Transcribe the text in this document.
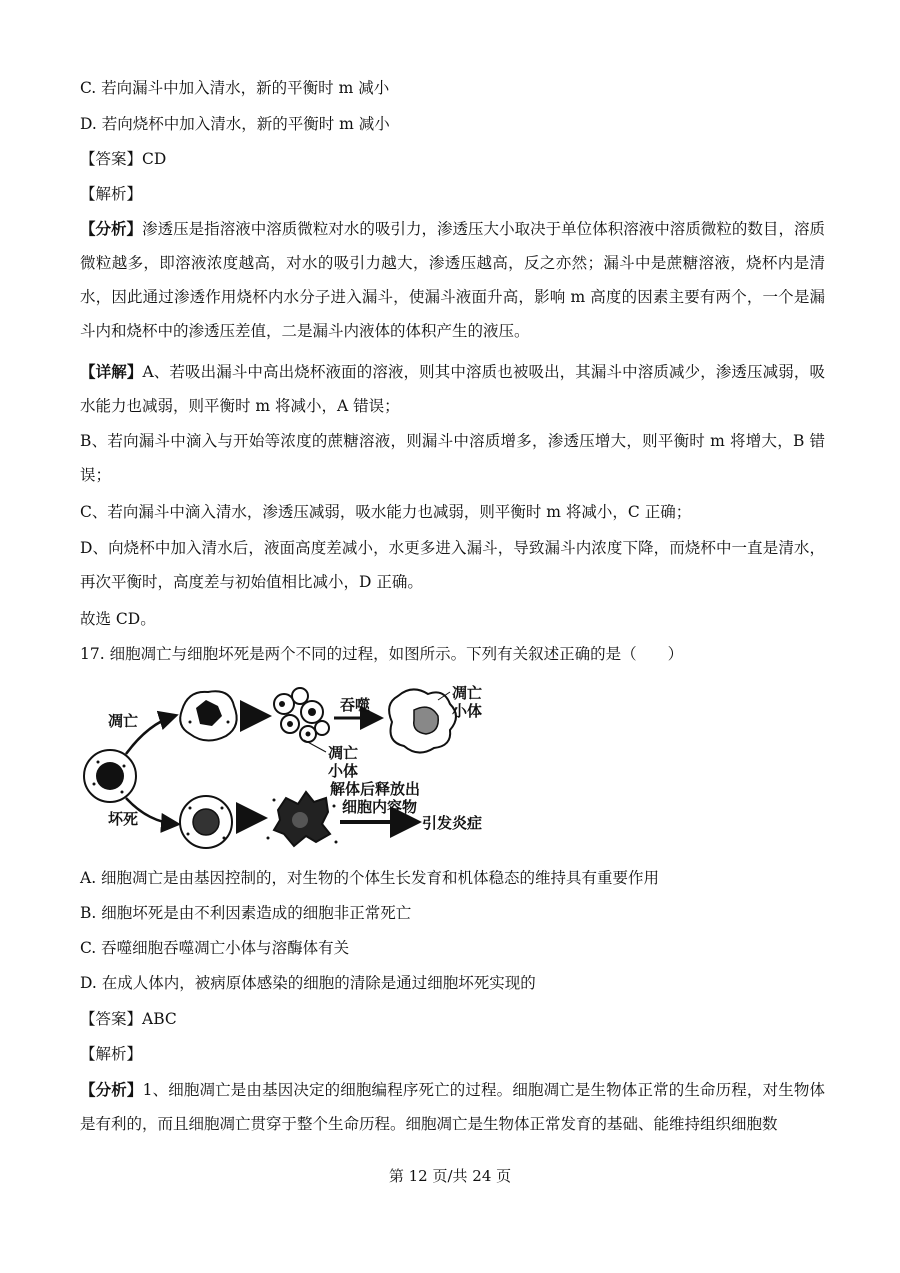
C. 若向漏斗中加入清水，新的平衡时 m 减小
D. 若向烧杯中加入清水，新的平衡时 m 减小
【答案】CD
【解析】
【分析】渗透压是指溶液中溶质微粒对水的吸引力，渗透压大小取决于单位体积溶液中溶质微粒的数目，溶质微粒越多，即溶液浓度越高，对水的吸引力越大，渗透压越高，反之亦然；漏斗中是蔗糖溶液，烧杯内是清水，因此通过渗透作用烧杯内水分子进入漏斗，使漏斗液面升高，影响 m 高度的因素主要有两个，一个是漏斗内和烧杯中的渗透压差值，二是漏斗内液体的体积产生的液压。
【详解】A、若吸出漏斗中高出烧杯液面的溶液，则其中溶质也被吸出，其漏斗中溶质减少，渗透压减弱，吸水能力也减弱，则平衡时 m 将减小，A 错误；
B、若向漏斗中滴入与开始等浓度的蔗糖溶液，则漏斗中溶质增多，渗透压增大，则平衡时 m 将增大，B 错误；
C、若向漏斗中滴入清水，渗透压减弱，吸水能力也减弱，则平衡时 m 将减小，C 正确；
D、向烧杯中加入清水后，液面高度差减小，水更多进入漏斗，导致漏斗内浓度下降，而烧杯中一直是清水，再次平衡时，高度差与初始值相比减小，D 正确。
故选 CD。
17. 细胞凋亡与细胞坏死是两个不同的过程，如图所示。下列有关叙述正确的是（　　）
凋亡
坏死
凋亡
小体
吞噬
凋亡
小体
解体后释放出
细胞内容物
引发炎症
A. 细胞凋亡是由基因控制的，对生物的个体生长发育和机体稳态的维持具有重要作用
B. 细胞坏死是由不利因素造成的细胞非正常死亡
C. 吞噬细胞吞噬凋亡小体与溶酶体有关
D. 在成人体内，被病原体感染的细胞的清除是通过细胞坏死实现的
【答案】ABC
【解析】
【分析】1、细胞凋亡是由基因决定的细胞编程序死亡的过程。细胞凋亡是生物体正常的生命历程，对生物体是有利的，而且细胞凋亡贯穿于整个生命历程。细胞凋亡是生物体正常发育的基础、能维持组织细胞数
第 12 页/共 24 页
